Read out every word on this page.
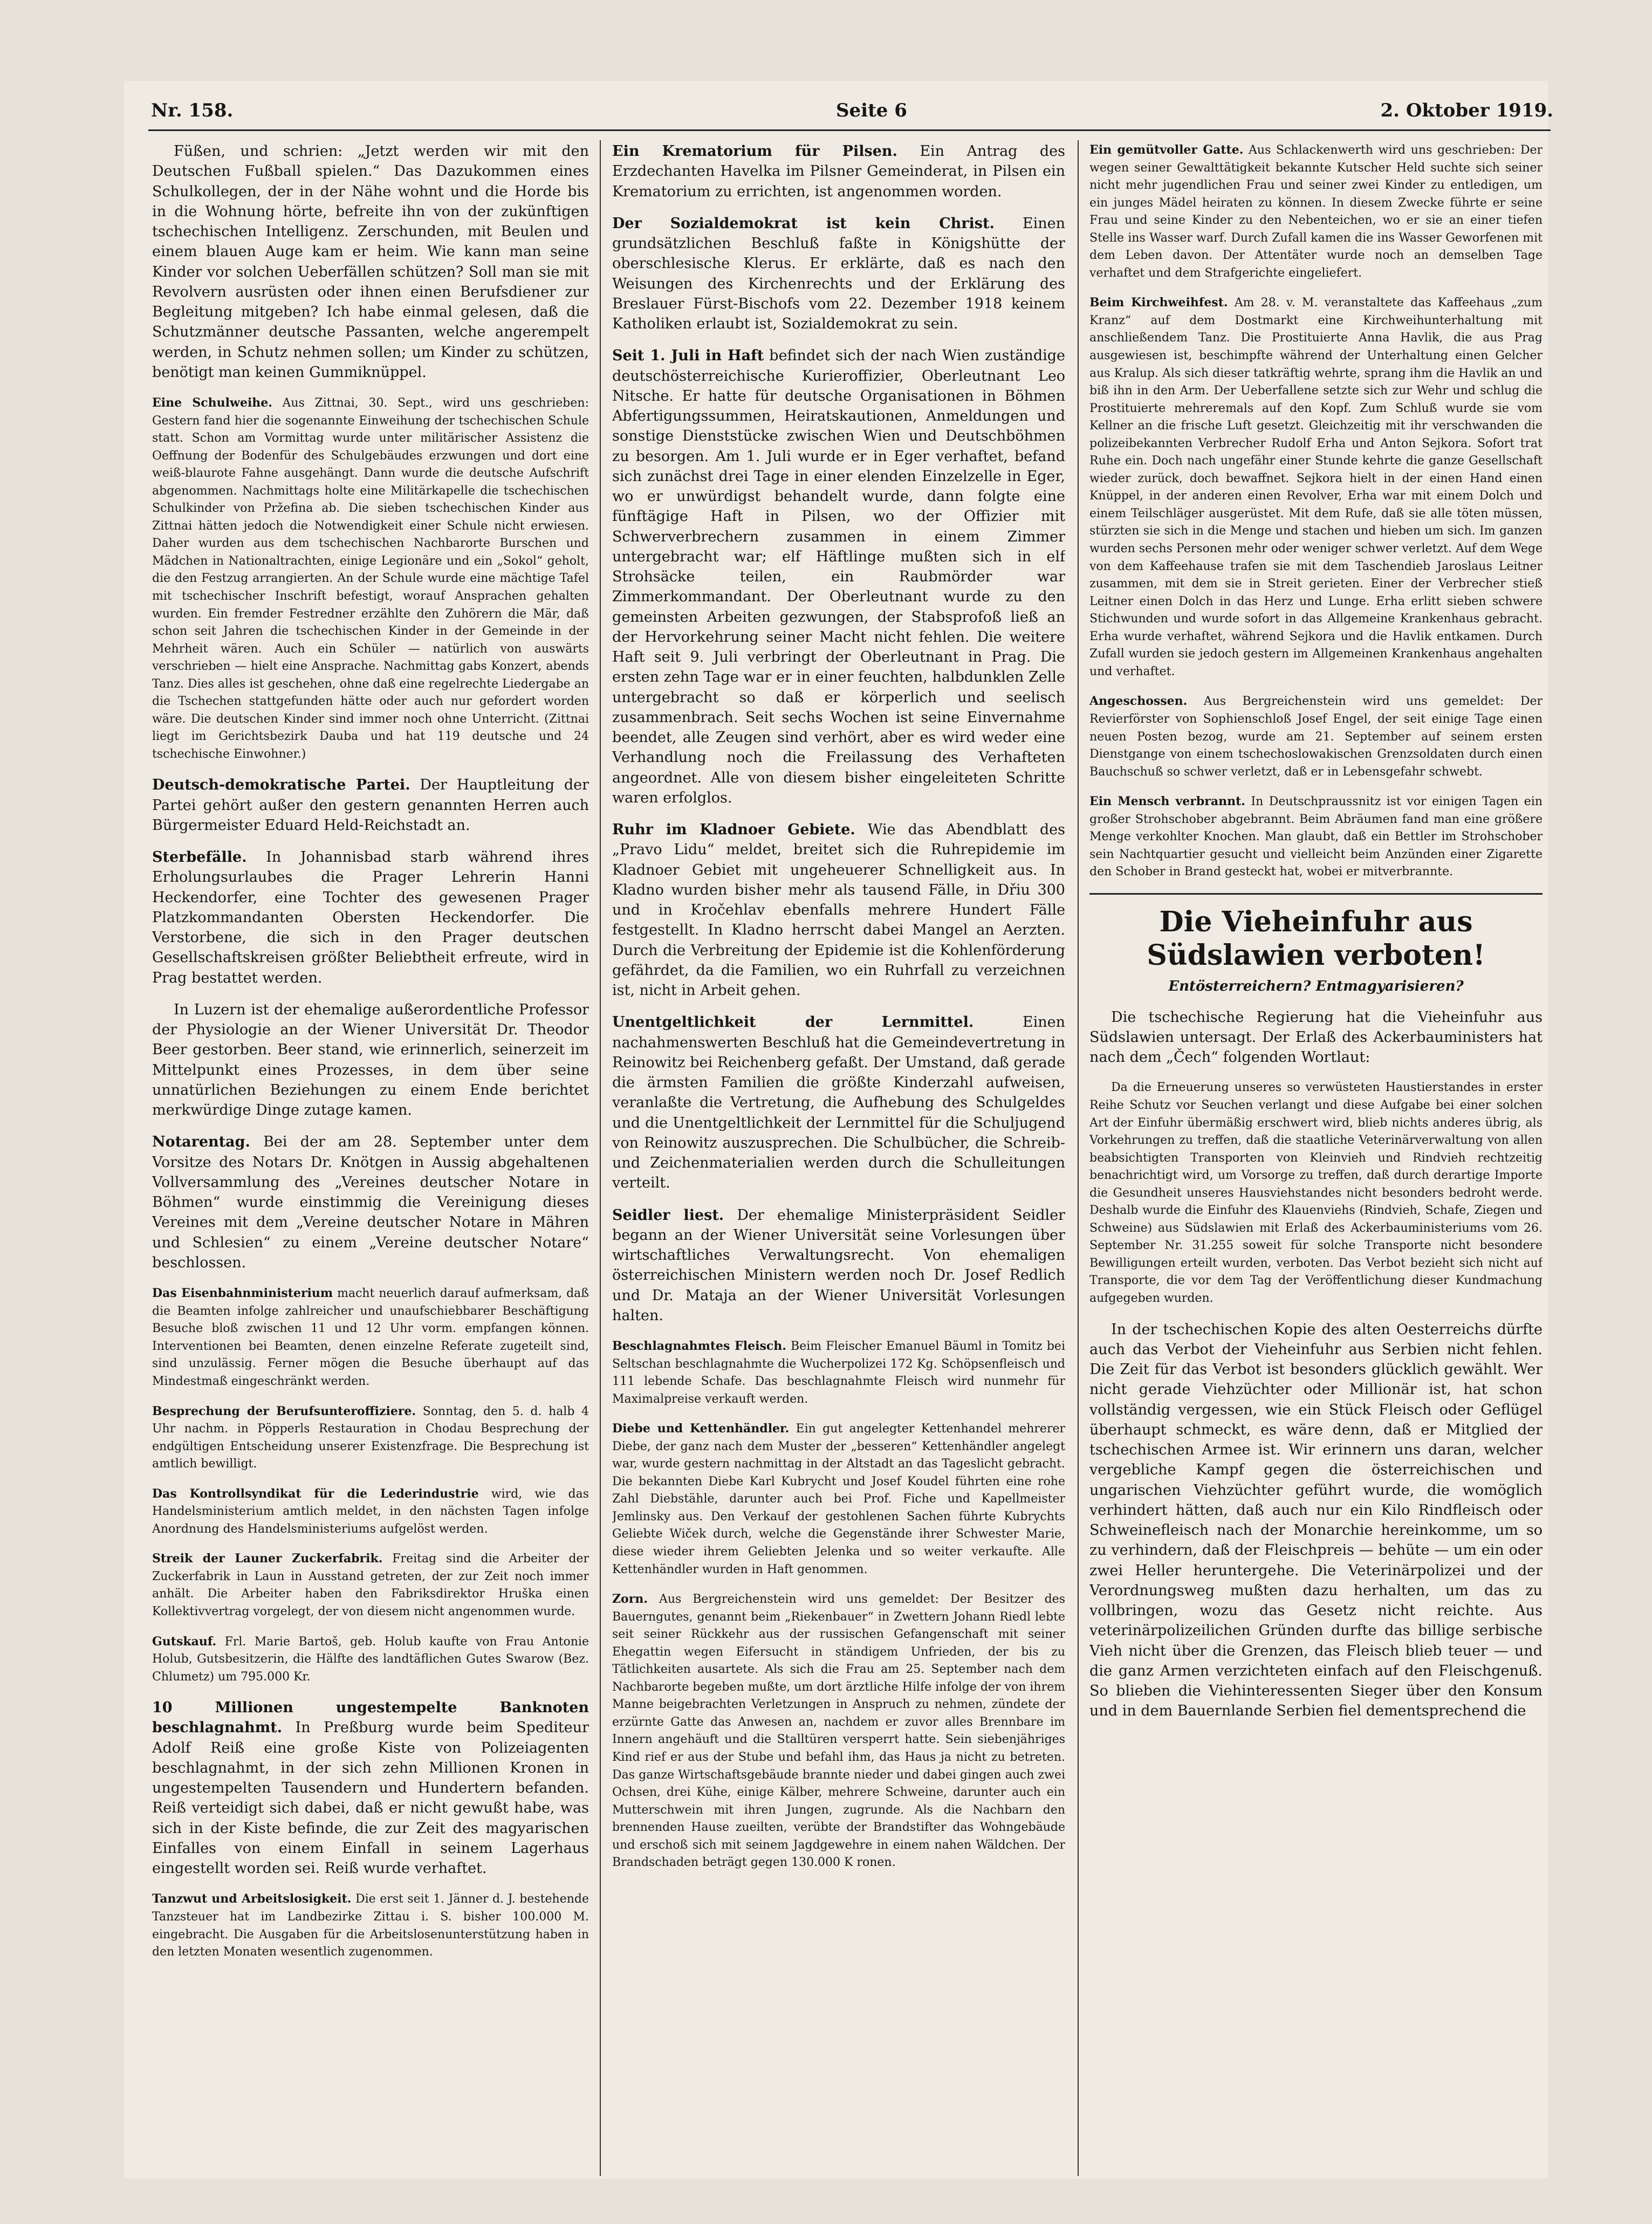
Nr. 158.	Seite 6	2. Oktober 1919.

Füßen, und schrien: „Jetzt werden wir mit den Deutschen Fußball spielen.“ Das Dazukommen eines Schulkollegen, der in der Nähe wohnt und die Horde bis in die Wohnung hörte, befreite ihn von der zukünftigen tschechischen Intelligenz. Zerschunden, mit Beulen und einem blauen Auge kam er heim. Wie kann man seine Kinder vor solchen Ueberfällen schützen? Soll man sie mit Revolvern ausrüsten oder ihnen einen Berufsdiener zur Begleitung mitgeben? Ich habe einmal gelesen, daß die Schutzmänner deutsche Passanten, welche angerempelt werden, in Schutz nehmen sollen; um Kinder zu schützen, benötigt man keinen Gummiknüppel.

Eine Schulweihe. Aus Zittnai, 30. Sept., wird uns geschrieben: Gestern fand hier die sogenannte Einweihung der tschechischen Schule statt. Schon am Vormittag wurde unter militärischer Assistenz die Oeffnung der Bodenfür des Schulgebäudes erzwungen und dort eine weiß-blaurote Fahne ausgehängt. Dann wurde die deutsche Aufschrift abgenommen. Nachmittags holte eine Militärkapelle die tschechischen Schulkinder von Pržefina ab. Die sieben tschechischen Kinder aus Zittnai hätten jedoch die Notwendigkeit einer Schule nicht erwiesen. Daher wurden aus dem tschechischen Nachbarorte Burschen und Mädchen in Nationaltrachten, einige Legionäre und ein „Sokol“ geholt, die den Festzug arrangierten. An der Schule wurde eine mächtige Tafel mit tschechischer Inschrift befestigt, worauf Ansprachen gehalten wurden. Ein fremder Festredner erzählte den Zuhörern die Mär, daß schon seit Jahren die tschechischen Kinder in der Gemeinde in der Mehrheit wären. Auch ein Schüler — natürlich von auswärts verschrieben — hielt eine Ansprache. Nachmittag gabs Konzert, abends Tanz. Dies alles ist geschehen, ohne daß eine regelrechte Liedergabe an die Tschechen stattgefunden hätte oder auch nur gefordert worden wäre. Die deutschen Kinder sind immer noch ohne Unterricht. (Zittnai liegt im Gerichtsbezirk Dauba und hat 119 deutsche und 24 tschechische Einwohner.)

Deutsch-demokratische Partei. Der Hauptleitung der Partei gehört außer den gestern genannten Herren auch Bürgermeister Eduard Held-Reichstadt an.

Sterbefälle. In Johannisbad starb während ihres Erholungsurlaubes die Prager Lehrerin Hanni Heckendorfer, eine Tochter des gewesenen Prager Platzkommandanten Obersten Heckendorfer. Die Verstorbene, die sich in den Prager deutschen Gesellschaftskreisen größter Beliebtheit erfreute, wird in Prag bestattet werden.

In Luzern ist der ehemalige außerordentliche Professor der Physiologie an der Wiener Universität Dr. Theodor Beer gestorben. Beer stand, wie erinnerlich, seinerzeit im Mittelpunkt eines Prozesses, in dem über seine unnatürlichen Beziehungen zu einem Ende berichtet merkwürdige Dinge zutage kamen.

Notarentag. Bei der am 28. September unter dem Vorsitze des Notars Dr. Knötgen in Aussig abgehaltenen Vollversammlung des „Vereines deutscher Notare in Böhmen“ wurde einstimmig die Vereinigung dieses Vereines mit dem „Vereine deutscher Notare in Mähren und Schlesien“ zu einem „Vereine deutscher Notare“ beschlossen.

Das Eisenbahnministerium macht neuerlich darauf aufmerksam, daß die Beamten infolge zahlreicher und unaufschiebbarer Beschäftigung Besuche bloß zwischen 11 und 12 Uhr vorm. empfangen können. Interventionen bei Beamten, denen einzelne Referate zugeteilt sind, sind unzulässig. Ferner mögen die Besuche überhaupt auf das Mindestmaß eingeschränkt werden.

Besprechung der Berufsunteroffiziere. Sonntag, den 5. d. halb 4 Uhr nachm. in Pöpperls Restauration in Chodau Besprechung der endgültigen Entscheidung unserer Existenzfrage. Die Besprechung ist amtlich bewilligt.

Das Kontrollsyndikat für die Lederindustrie wird, wie das Handelsministerium amtlich meldet, in den nächsten Tagen infolge Anordnung des Handelsministeriums aufgelöst werden.

Streik der Launer Zuckerfabrik. Freitag sind die Arbeiter der Zuckerfabrik in Laun in Ausstand getreten, der zur Zeit noch immer anhält. Die Arbeiter haben den Fabriksdirektor Hruška einen Kollektivvertrag vorgelegt, der von diesem nicht angenommen wurde.

Gutskauf. Frl. Marie Bartoš, geb. Holub kaufte von Frau Antonie Holub, Gutsbesitzerin, die Hälfte des landtäflichen Gutes Swarow (Bez. Chlumetz) um 795.000 Kr.

10 Millionen ungestempelte Banknoten beschlagnahmt. In Preßburg wurde beim Spediteur Adolf Reiß eine große Kiste von Polizeiagenten beschlagnahmt, in der sich zehn Millionen Kronen in ungestempelten Tausendern und Hundertern befanden. Reiß verteidigt sich dabei, daß er nicht gewußt habe, was sich in der Kiste befinde, die zur Zeit des magyarischen Einfalles von einem Einfall in seinem Lagerhaus eingestellt worden sei. Reiß wurde verhaftet.

Tanzwut und Arbeitslosigkeit. Die erst seit 1. Jänner d. J. bestehende Tanzsteuer hat im Landbezirke Zittau i. S. bisher 100.000 M. eingebracht. Die Ausgaben für die Arbeitslosenunterstützung haben in den letzten Monaten wesentlich zugenommen.

Ein Krematorium für Pilsen. Ein Antrag des Erzdechanten Havelka im Pilsner Gemeinderat, in Pilsen ein Krematorium zu errichten, ist angenommen worden.

Der Sozialdemokrat ist kein Christ. Einen grundsätzlichen Beschluß faßte in Königshütte der oberschlesische Klerus. Er erklärte, daß es nach den Weisungen des Kirchenrechts und der Erklärung des Breslauer Fürst-Bischofs vom 22. Dezember 1918 keinem Katholiken erlaubt ist, Sozialdemokrat zu sein.

Seit 1. Juli in Haft befindet sich der nach Wien zuständige deutschösterreichische Kurieroffizier, Oberleutnant Leo Nitsche. Er hatte für deutsche Organisationen in Böhmen Abfertigungssummen, Heiratskautionen, Anmeldungen und sonstige Dienststücke zwischen Wien und Deutschböhmen zu besorgen. Am 1. Juli wurde er in Eger verhaftet, befand sich zunächst drei Tage in einer elenden Einzelzelle in Eger, wo er unwürdigst behandelt wurde, dann folgte eine fünftägige Haft in Pilsen, wo der Offizier mit Schwerverbrechern zusammen in einem Zimmer untergebracht war; elf Häftlinge mußten sich in elf Strohsäcke teilen, ein Raubmörder war Zimmerkommandant. Der Oberleutnant wurde zu den gemeinsten Arbeiten gezwungen, der Stabsprofoß ließ an der Hervorkehrung seiner Macht nicht fehlen. Die weitere Haft seit 9. Juli verbringt der Oberleutnant in Prag. Die ersten zehn Tage war er in einer feuchten, halbdunklen Zelle untergebracht so daß er körperlich und seelisch zusammenbrach. Seit sechs Wochen ist seine Einvernahme beendet, alle Zeugen sind verhört, aber es wird weder eine Verhandlung noch die Freilassung des Verhafteten angeordnet. Alle von diesem bisher eingeleiteten Schritte waren erfolglos.

Ruhr im Kladnoer Gebiete. Wie das Abendblatt des „Pravo Lidu“ meldet, breitet sich die Ruhrepidemie im Kladnoer Gebiet mit ungeheuerer Schnelligkeit aus. In Kladno wurden bisher mehr als tausend Fälle, in Dřiu 300 und in Kročehlav ebenfalls mehrere Hundert Fälle festgestellt. In Kladno herrscht dabei Mangel an Aerzten. Durch die Verbreitung der Epidemie ist die Kohlenförderung gefährdet, da die Familien, wo ein Ruhrfall zu verzeichnen ist, nicht in Arbeit gehen.

Unentgeltlichkeit der Lernmittel.	Einen nachahmenswerten Beschluß hat die Gemeindevertretung in Reinowitz bei Reichenberg gefaßt. Der Umstand, daß gerade die ärmsten Familien die größte Kinderzahl aufweisen, veranlaßte die Vertretung, die Aufhebung des Schulgeldes und die Unentgeltlichkeit der Lernmittel für die Schuljugend von Reinowitz auszusprechen. Die Schulbücher, die Schreib- und Zeichenmaterialien werden durch die Schulleitungen verteilt.

Seidler liest. Der ehemalige Ministerpräsident Seidler begann an der Wiener Universität seine Vorlesungen über wirtschaftliches Verwaltungsrecht. Von ehemaligen österreichischen Ministern werden noch Dr. Josef Redlich und Dr. Mataja an der Wiener Universität Vorlesungen halten.

Beschlagnahmtes Fleisch. Beim Fleischer Emanuel Bäuml in Tomitz bei Seltschan beschlagnahmte die Wucherpolizei 172 Kg. Schöpsenfleisch und 111 lebende Schafe. Das beschlagnahmte Fleisch wird nunmehr für Maximalpreise verkauft werden.

Diebe und Kettenhändler. Ein gut angelegter Kettenhandel mehrerer Diebe, der ganz nach dem Muster der „besseren“ Kettenhändler angelegt war, wurde gestern nachmittag in der Altstadt an das Tageslicht gebracht. Die bekannten Diebe Karl Kubrycht und Josef Koudel führten eine rohe Zahl Diebstähle, darunter auch bei Prof. Fiche und Kapellmeister Jemlinsky aus. Den Verkauf der gestohlenen Sachen führte Kubrychts Geliebte Wiček durch, welche die Gegenstände ihrer Schwester Marie, diese wieder ihrem Geliebten Jelenka und so weiter verkaufte. Alle Kettenhändler wurden in Haft genommen.

Zorn. Aus Bergreichenstein wird uns gemeldet: Der Besitzer des Bauerngutes, genannt beim „Riekenbauer“ in Zwettern Johann Riedl lebte seit seiner Rückkehr aus der russischen Gefangenschaft mit seiner Ehegattin wegen Eifersucht in ständigem Unfrieden, der bis zu Tätlichkeiten ausartete. Als sich die Frau am 25. September nach dem Nachbarorte begeben mußte, um dort ärztliche Hilfe infolge der von ihrem Manne beigebrachten Verletzungen in Anspruch zu nehmen, zündete der erzürnte Gatte das Anwesen an, nachdem er zuvor alles Brennbare im Innern angehäuft und die Stalltüren versperrt hatte. Sein siebenjähriges Kind rief er aus der Stube und befahl ihm, das Haus ja nicht zu betreten. Das ganze Wirtschaftsgebäude brannte nieder und dabei gingen auch zwei Ochsen, drei Kühe, einige Kälber, mehrere Schweine, darunter auch ein Mutterschwein mit ihren Jungen, zugrunde. Als die Nachbarn den brennenden Hause zueilten, verübte der Brandstifter das Wohngebäude und erschoß sich mit seinem Jagdgewehre in einem nahen Wäldchen. Der Brandschaden beträgt gegen 130.000 K ronen.

Ein gemütvoller Gatte. Aus Schlackenwerth wird uns geschrieben: Der wegen seiner Gewalttätigkeit bekannte Kutscher Held suchte sich seiner nicht mehr jugendlichen Frau und seiner zwei Kinder zu entledigen, um ein junges Mädel heiraten zu können. In diesem Zwecke führte er seine Frau und seine Kinder zu den Nebenteichen, wo er sie an einer tiefen Stelle ins Wasser warf. Durch Zufall kamen die ins Wasser Geworfenen mit dem Leben davon. Der Attentäter wurde noch an demselben Tage verhaftet und dem Strafgerichte eingeliefert.

Beim Kirchweihfest. Am 28. v. M. veranstaltete das Kaffeehaus „zum Kranz“ auf dem Dostmarkt eine Kirchweihunterhaltung mit anschließendem Tanz. Die Prostituierte Anna Havlik, die aus Prag ausgewiesen ist, beschimpfte während der Unterhaltung einen Gelcher aus Kralup. Als sich dieser tatkräftig wehrte, sprang ihm die Havlik an und biß ihn in den Arm. Der Ueberfallene setzte sich zur Wehr und schlug die Prostituierte mehreremals auf den Kopf. Zum Schluß wurde sie vom Kellner an die frische Luft gesetzt. Gleichzeitig mit ihr verschwanden die polizeibekannten Verbrecher Rudolf Erha und Anton Sejkora. Sofort trat Ruhe ein. Doch nach ungefähr einer Stunde kehrte die ganze Gesellschaft wieder zurück, doch bewaffnet. Sejkora hielt in der einen Hand einen Knüppel, in der anderen einen Revolver, Erha war mit einem Dolch und einem Teilschläger ausgerüstet. Mit dem Rufe, daß sie alle töten müssen, stürzten sie sich in die Menge und stachen und hieben um sich. Im ganzen wurden sechs Personen mehr oder weniger schwer verletzt. Auf dem Wege von dem Kaffeehause trafen sie mit dem Taschendieb Jaroslaus Leitner zusammen, mit dem sie in Streit gerieten. Einer der Verbrecher stieß Leitner einen Dolch in das Herz und Lunge. Erha erlitt sieben schwere Stichwunden und wurde sofort in das Allgemeine Krankenhaus gebracht. Erha wurde verhaftet, während Sejkora und die Havlik entkamen. Durch Zufall wurden sie jedoch gestern im Allgemeinen Krankenhaus angehalten und verhaftet.

Angeschossen. Aus Bergreichenstein wird uns gemeldet: Der Revierförster von Sophienschloß Josef Engel, der seit einige Tage einen neuen Posten bezog, wurde am 21. September auf seinem ersten Dienstgange von einem tschechoslowakischen Grenzsoldaten durch einen Bauchschuß so schwer verletzt, daß er in Lebensgefahr schwebt.

Ein Mensch verbrannt. In Deutschpraussnitz ist vor einigen Tagen ein großer Strohschober abgebrannt. Beim Abräumen fand man eine größere Menge verkohlter Knochen. Man glaubt, daß ein Bettler im Strohschober sein Nachtquartier gesucht und vielleicht beim Anzünden einer Zigarette den Schober in Brand gesteckt hat, wobei er mitverbrannte.

Die Vieheinfuhr aus Südslawien verboten!
Entösterreichern? Entmagyarisieren?

Die tschechische Regierung hat die Vieheinfuhr aus Südslawien untersagt. Der Erlaß des Ackerbauministers hat nach dem „Čech“ folgenden Wortlaut:

Da die Erneuerung unseres so verwüsteten Haustierstandes in erster Reihe Schutz vor Seuchen verlangt und diese Aufgabe bei einer solchen Art der Einfuhr übermäßig erschwert wird, blieb nichts anderes übrig, als Vorkehrungen zu treffen, daß die staatliche Veterinärverwaltung von allen beabsichtigten Transporten von Kleinvieh und Rindvieh rechtzeitig benachrichtigt wird, um Vorsorge zu treffen, daß durch derartige Importe die Gesundheit unseres Hausviehstandes nicht besonders bedroht werde. Deshalb wurde die Einfuhr des Klauenviehs (Rindvieh, Schafe, Ziegen und Schweine) aus Südslawien mit Erlaß des Ackerbauministeriums vom 26. September Nr. 31.255 soweit für solche Transporte nicht besondere Bewilligungen erteilt wurden, verboten. Das Verbot bezieht sich nicht auf Transporte, die vor dem Tag der Veröffentlichung dieser Kundmachung aufgegeben wurden.

In der tschechischen Kopie des alten Oesterreichs dürfte auch das Verbot der Vieheinfuhr aus Serbien nicht fehlen. Die Zeit für das Verbot ist besonders glücklich gewählt. Wer nicht gerade Viehzüchter oder Millionär ist, hat schon vollständig vergessen, wie ein Stück Fleisch oder Geflügel überhaupt schmeckt, es wäre denn, daß er Mitglied der tschechischen Armee ist. Wir erinnern uns daran, welcher vergebliche Kampf gegen die österreichischen und ungarischen Viehzüchter geführt wurde, die womöglich verhindert hätten, daß auch nur ein Kilo Rindfleisch oder Schweinefleisch nach der Monarchie hereinkomme, um so zu verhindern, daß der Fleischpreis — behüte — um ein oder zwei Heller heruntergehe. Die Veterinärpolizei und der Verordnungsweg mußten dazu herhalten, um das zu vollbringen, wozu das Gesetz nicht reichte. Aus veterinärpolizeilichen Gründen durfte das billige serbische Vieh nicht über die Grenzen, das Fleisch blieb teuer — und die ganz Armen verzichteten einfach auf den Fleischgenuß. So blieben die Viehinteressenten Sieger über den Konsum und in dem Bauernlande Serbien fiel dementsprechend die
